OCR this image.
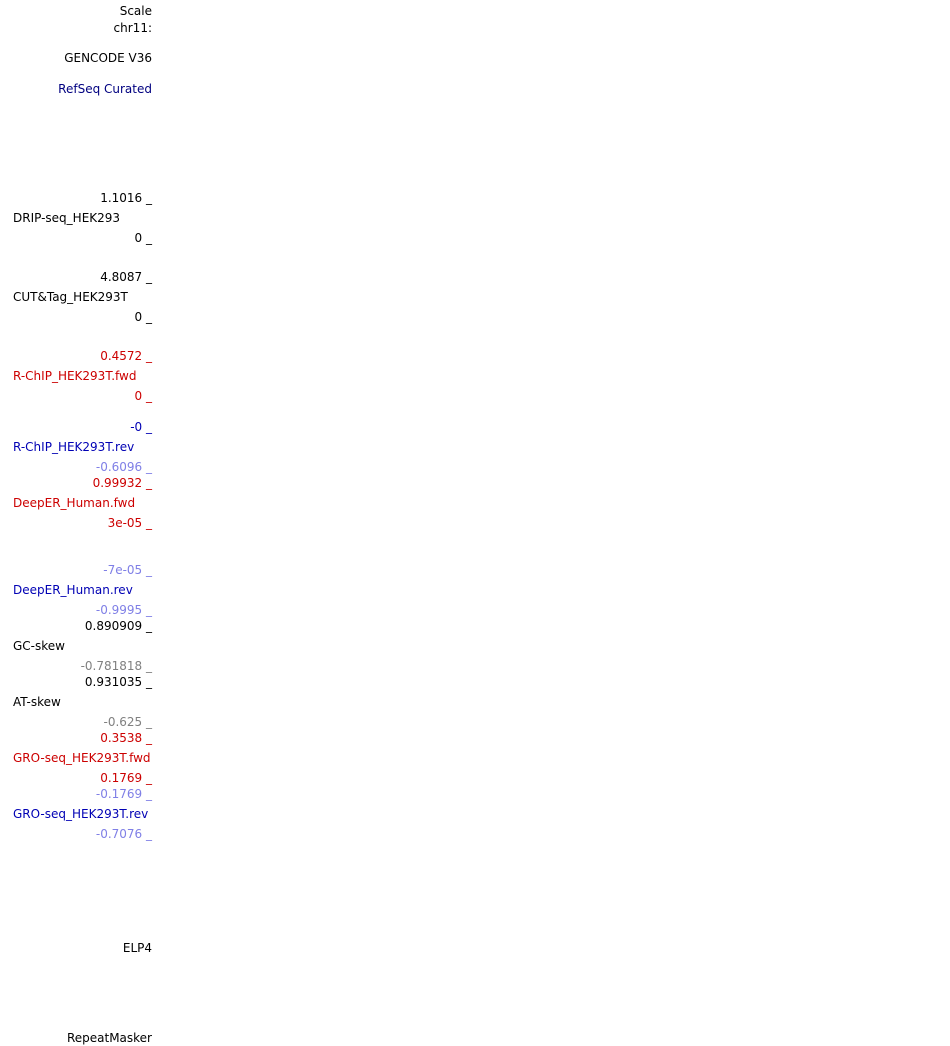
Scale
chr11:
GENCODE V36
RefSeq Curated
1.1016 _
DRIP-seq_HEK293
0 _
4.8087 _
CUT&Tag_HEK293T
0 _
0.4572 _
R-ChIP_HEK293T.fwd
0 _
-0 _
R-ChIP_HEK293T.rev
-0.6096 _
0.99932 _
DeepER_Human.fwd
3e-05 _
-7e-05 _
DeepER_Human.rev
-0.9995 _
0.890909 _
GC-skew
-0.781818 _
0.931035 _
AT-skew
-0.625 _
0.3538 _
GRO-seq_HEK293T.fwd
0.1769 _
-0.1769 _
GRO-seq_HEK293T.rev
-0.7076 _
ELP4
RepeatMasker
